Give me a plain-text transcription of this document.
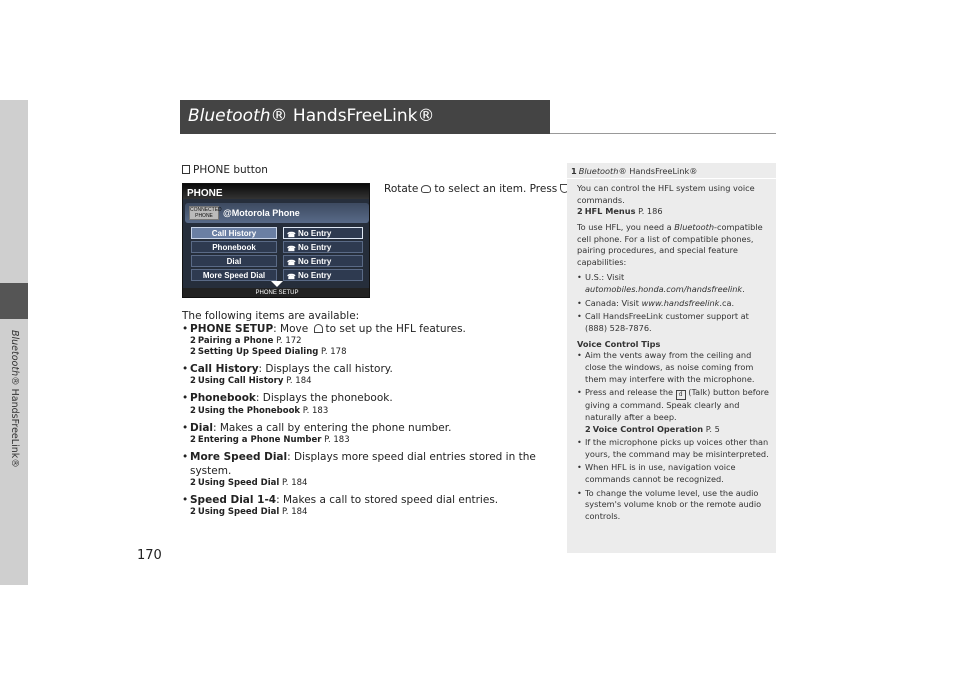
Bluetooth® HandsFreeLink®
Bluetooth® HandsFreeLink®
170
PHONE button
Rotate to select an item. Press
PHONE
CONNECTED PHONE	@Motorola Phone
Call History	☎ No Entry
Phonebook	☎ No Entry
Dial	☎ No Entry
More Speed Dial	☎ No Entry
PHONE SETUP
The following items are available:
• PHONE SETUP: Move to set up the HFL features.
2 Pairing a Phone P. 172
2 Setting Up Speed Dialing P. 178
• Call History: Displays the call history.
2 Using Call History P. 184
• Phonebook: Displays the phonebook.
2 Using the Phonebook P. 183
• Dial: Makes a call by entering the phone number.
2 Entering a Phone Number P. 183
• More Speed Dial: Displays more speed dial entries stored in the system.
2 Using Speed Dial P. 184
• Speed Dial 1-4: Makes a call to stored speed dial entries.
2 Using Speed Dial P. 184
1 Bluetooth® HandsFreeLink®

You can control the HFL system using voice commands.
2 HFL Menus P. 186

To use HFL, you need a Bluetooth-compatible cell phone. For a list of compatible phones, pairing procedures, and special feature capabilities:

• U.S.: Visit automobiles.honda.com/handsfreelink.
• Canada: Visit www.handsfreelink.ca.
• Call HandsFreeLink customer support at (888) 528-7876.
Voice Control Tips
• Aim the vents away from the ceiling and close the windows, as noise coming from them may interfere with the microphone.
• Press and release the d (Talk) button before giving a command. Speak clearly and naturally after a beep.
2 Voice Control Operation P. 5
• If the microphone picks up voices other than yours, the command may be misinterpreted.
• When HFL is in use, navigation voice commands cannot be recognized.
• To change the volume level, use the audio system's volume knob or the remote audio controls.
